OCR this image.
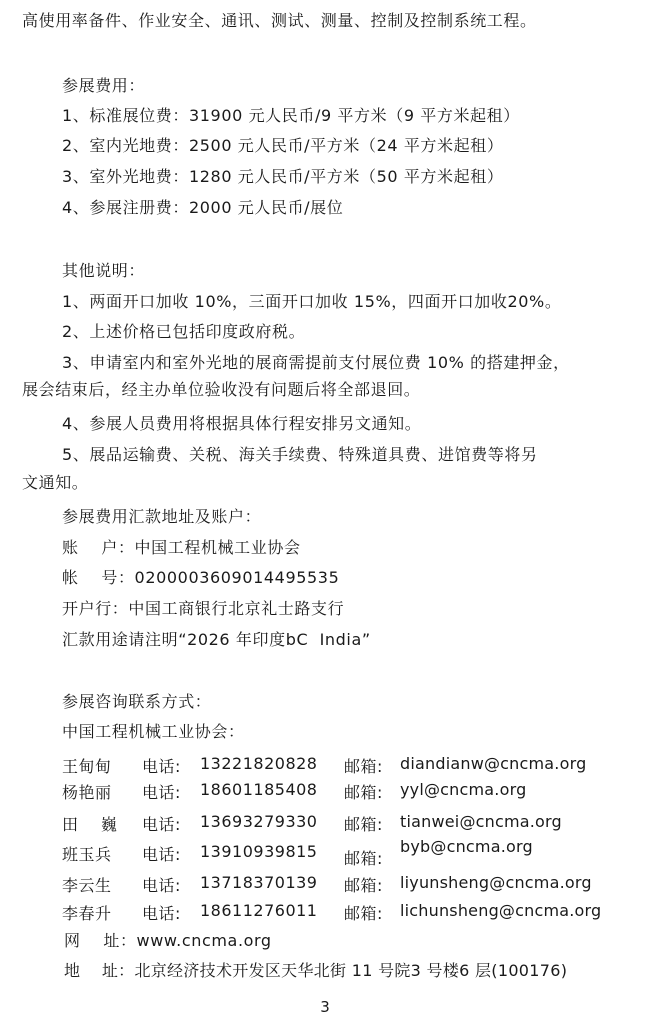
高使用率备件、作业安全、通讯、测试、测量、控制及控制系统工程。
参展费用：
1、标准展位费：31900 元人民币/9 平方米（9 平方米起租）
2、室内光地费：2500 元人民币/平方米（24 平方米起租）
3、室外光地费：1280 元人民币/平方米（50 平方米起租）
4、参展注册费：2000 元人民币/展位
其他说明：
1、两面开口加收 10%，三面开口加收 15%，四面开口加收20%。
2、上述价格已包括印度政府税。
3、申请室内和室外光地的展商需提前支付展位费 10% 的搭建押金，
展会结束后，经主办单位验收没有问题后将全部退回。
4、参展人员费用将根据具体行程安排另文通知。
5、展品运输费、关税、海关手续费、特殊道具费、进馆费等将另
文通知。
参展费用汇款地址及账户：
账    户：中国工程机械工业协会
帐    号：0200003609014495535
开户行：中国工商银行北京礼士路支行
汇款用途请注明“2026 年印度bC  India”
参展咨询联系方式：
中国工程机械工业协会：
王甸甸 电话: 13221820828 邮箱: diandianw@cncma.org
杨艳丽 电话: 18601185408 邮箱: yyl@cncma.org
田    巍 电话: 13693279330 邮箱: tianwei@cncma.org
班玉兵 电话: 13910939815 邮箱:
byb@cncma.org
李云生 电话: 13718370139 邮箱: liyunsheng@cncma.org
李春升 电话: 18611276011 邮箱: lichunsheng@cncma.org
网    址：www.cncma.org
地    址：北京经济技术开发区天华北街 11 号院3 号楼6 层(100176)
3
